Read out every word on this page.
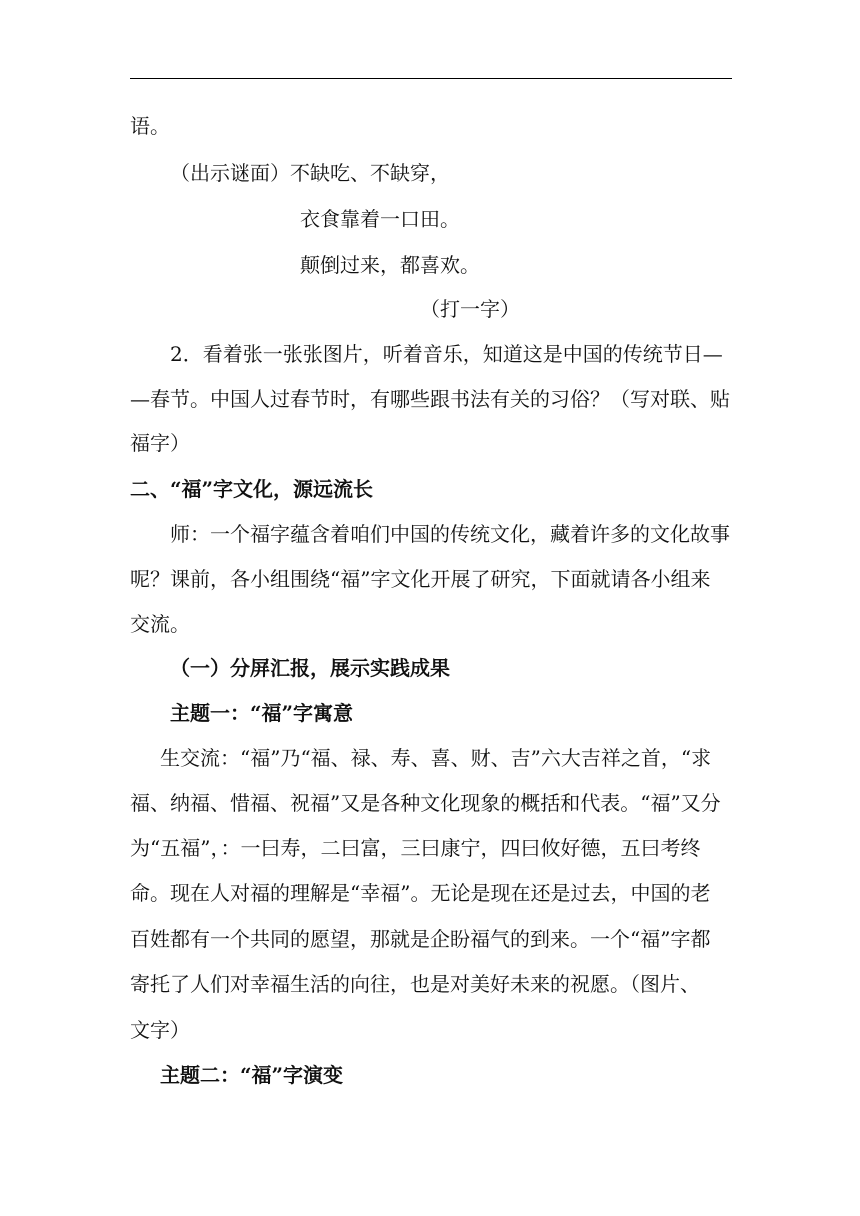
语。
（出示谜面）不缺吃、不缺穿，
衣食靠着一口田。
颠倒过来，都喜欢。
（打一字）
2．看着张一张张图片，听着音乐，知道这是中国的传统节日—
—春节。中国人过春节时，有哪些跟书法有关的习俗？（写对联、贴
福字）
二、“福”字文化，源远流长
师：一个福字蕴含着咱们中国的传统文化，藏着许多的文化故事
呢？课前，各小组围绕“福”字文化开展了研究，下面就请各小组来
交流。
（一）分屏汇报，展示实践成果
主题一：“福”字寓意
生交流：“福”乃“福、禄、寿、喜、财、吉”六大吉祥之首，“求
福、纳福、惜福、祝福”又是各种文化现象的概括和代表。“福”又分
为“五福”，：一曰寿，二曰富，三曰康宁，四曰攸好德，五曰考终
命。现在人对福的理解是“幸福”。无论是现在还是过去，中国的老
百姓都有一个共同的愿望，那就是企盼福气的到来。一个“福”字都
寄托了人们对幸福生活的向往，也是对美好未来的祝愿。（图片、
文字）
主题二：“福”字演变
